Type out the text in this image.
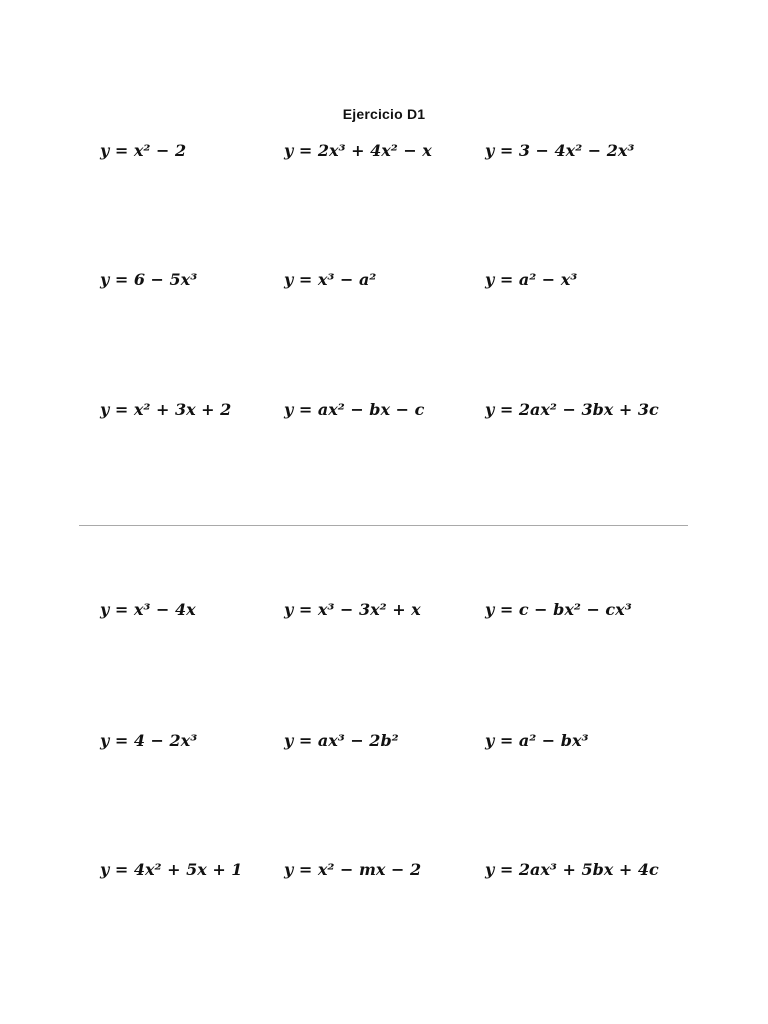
Ejercicio D1
y = x² − 2	y = 2x³ + 4x² − x	y = 3 − 4x² − 2x³
y = 6 − 5x³	y = x³ − a²	y = a² − x³
y = x² + 3x + 2	y = ax² − bx − c	y = 2ax² − 3bx + 3c
y = x³ − 4x	y = x³ − 3x² + x	y = c − bx² − cx³
y = 4 − 2x³	y = ax³ − 2b²	y = a² − bx³
y = 4x² + 5x + 1	y = x² − mx − 2	y = 2ax³ + 5bx + 4c
